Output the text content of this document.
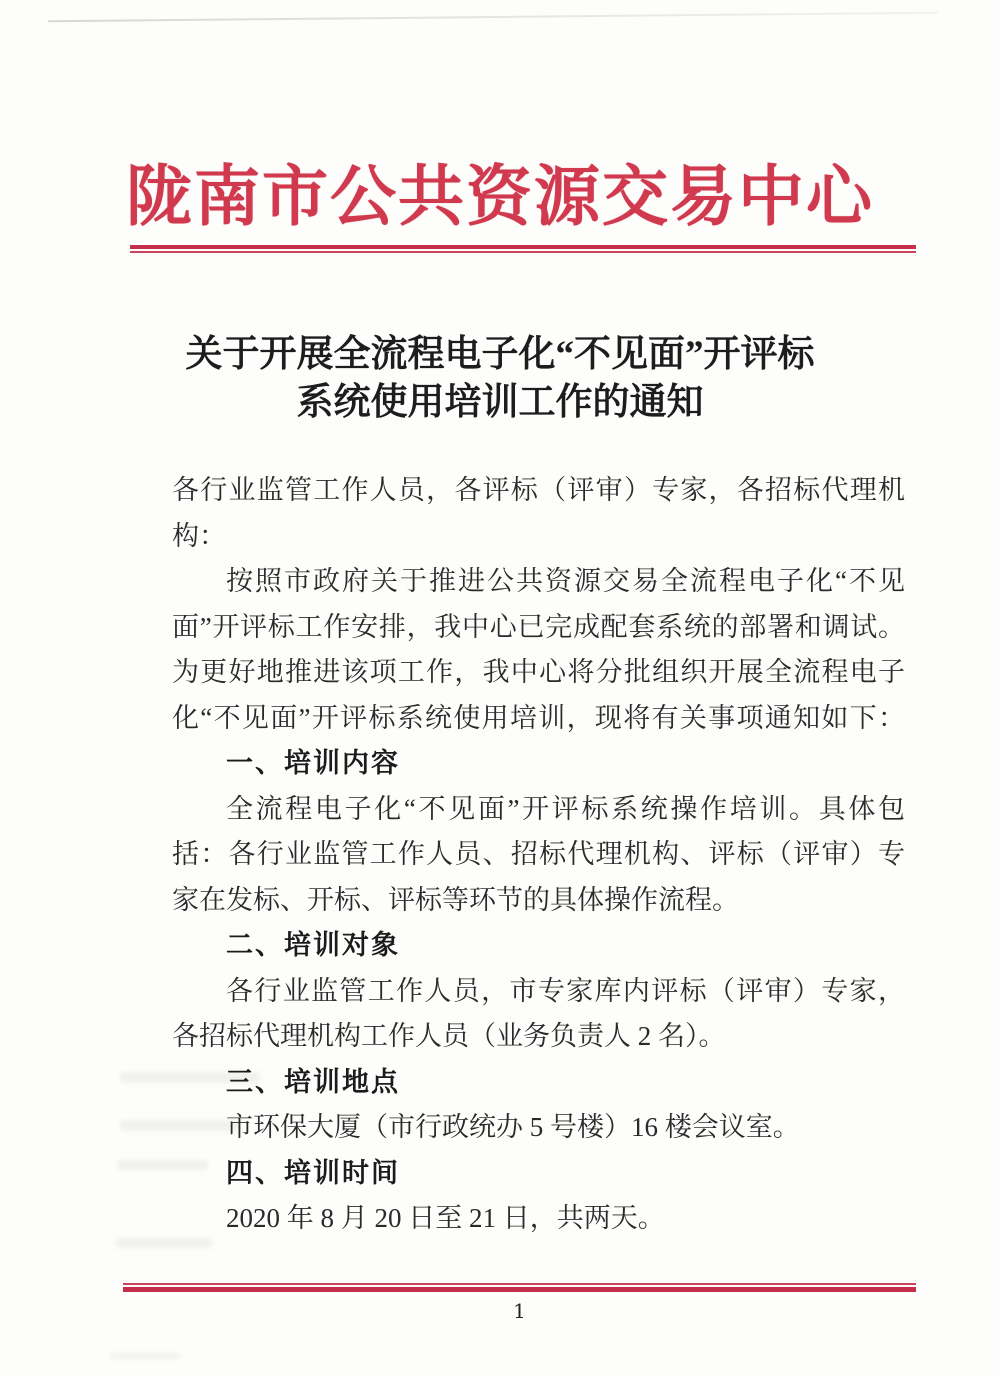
陇南市公共资源交易中心
关于开展全流程电子化“不见面”开评标
系统使用培训工作的通知

各行业监管工作人员，各评标（评审）专家，各招标代理机

构：

按照市政府关于推进公共资源交易全流程电子化“不见

面”开评标工作安排，我中心已完成配套系统的部署和调试。

为更好地推进该项工作，我中心将分批组织开展全流程电子

化“不见面”开评标系统使用培训，现将有关事项通知如下：

一、培训内容

全流程电子化“不见面”开评标系统操作培训。具体包

括：各行业监管工作人员、招标代理机构、评标（评审）专

家在发标、开标、评标等环节的具体操作流程。

二、培训对象

各行业监管工作人员，市专家库内评标（评审）专家，

各招标代理机构工作人员（业务负责人 2 名）。

三、培训地点

市环保大厦（市行政统办 5 号楼）16 楼会议室。

四、培训时间

2020 年 8 月 20 日至 21 日，共两天。

1
